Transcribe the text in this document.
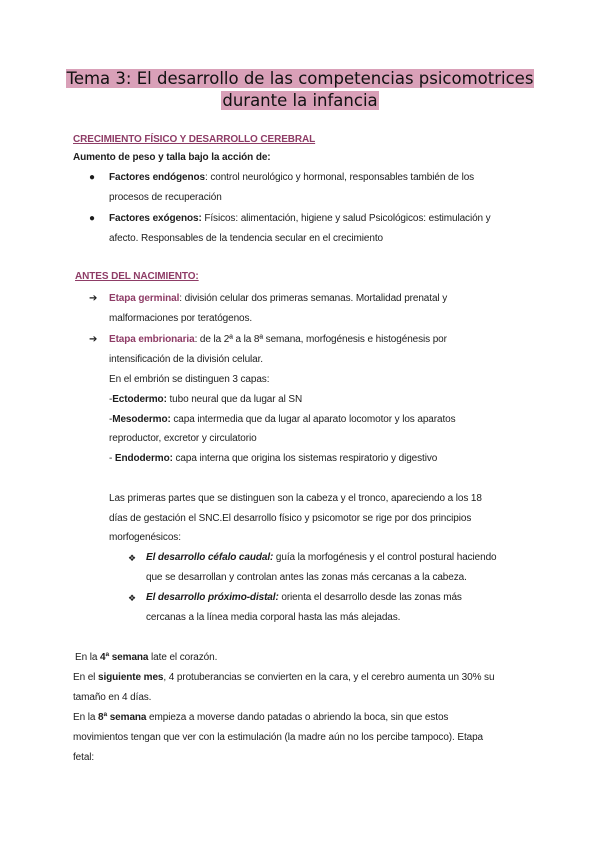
Tema 3: El desarrollo de las competencias psicomotrices
durante la infancia
CRECIMIENTO FÍSICO Y DESARROLLO CEREBRAL
Aumento de peso y talla bajo la acción de:
● Factores endógenos: control neurológico y hormonal, responsables también de los
procesos de recuperación
● Factores exógenos: Físicos: alimentación, higiene y salud Psicológicos: estimulación y
afecto. Responsables de la tendencia secular en el crecimiento
ANTES DEL NACIMIENTO:
➔ Etapa germinal: división celular dos primeras semanas. Mortalidad prenatal y
malformaciones por teratógenos.
➔ Etapa embrionaria: de la 2ª a la 8ª semana, morfogénesis e histogénesis por
intensificación de la división celular.
En el embrión se distinguen 3 capas:
-Ectodermo: tubo neural que da lugar al SN
-Mesodermo: capa intermedia que da lugar al aparato locomotor y los aparatos
reproductor, excretor y circulatorio
- Endodermo: capa interna que origina los sistemas respiratorio y digestivo
Las primeras partes que se distinguen son la cabeza y el tronco, apareciendo a los 18
días de gestación el SNC.El desarrollo físico y psicomotor se rige por dos principios
morfogenésicos:
❖ El desarrollo céfalo caudal: guía la morfogénesis y el control postural haciendo
que se desarrollan y controlan antes las zonas más cercanas a la cabeza.
❖ El desarrollo próximo-distal: orienta el desarrollo desde las zonas más
cercanas a la línea media corporal hasta las más alejadas.
En la 4ª semana late el corazón.
En el siguiente mes, 4 protuberancias se convierten en la cara, y el cerebro aumenta un 30% su
tamaño en 4 días.
En la 8ª semana empieza a moverse dando patadas o abriendo la boca, sin que estos
movimientos tengan que ver con la estimulación (la madre aún no los percibe tampoco). Etapa
fetal:
